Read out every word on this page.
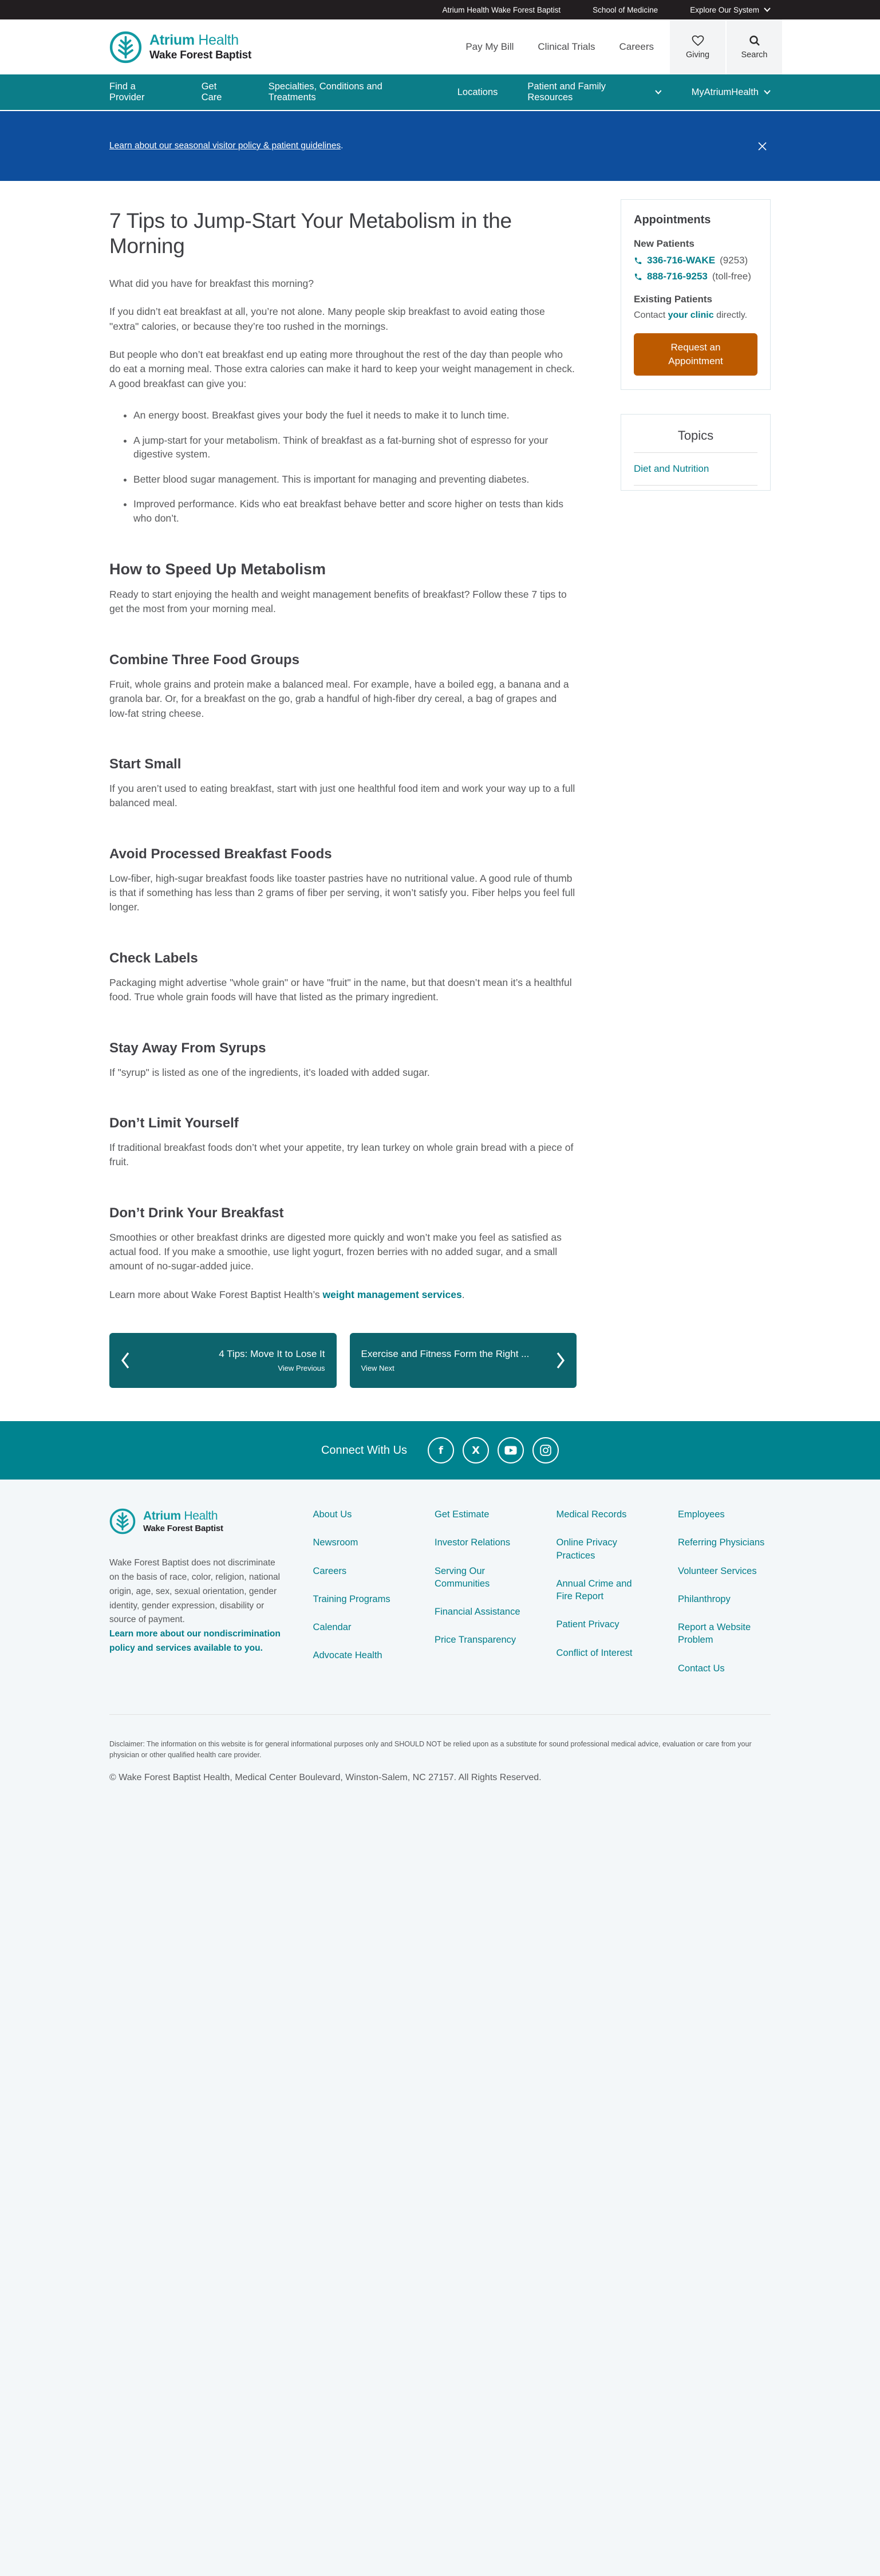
Atrium Health Wake Forest Baptist	School of Medicine	Explore Our System
Atrium Health
Wake Forest Baptist
Pay My Bill Clinical Trials Careers
Giving	Search
Find a Provider
Get Care
Specialties, Conditions and Treatments
Locations
Patient and Family Resources
MyAtriumHealth
Learn about our seasonal visitor policy & patient guidelines.
7 Tips to Jump-Start Your Metabolism in the Morning

What did you have for breakfast this morning?

If you didn’t eat breakfast at all, you’re not alone. Many people skip breakfast to avoid eating those "extra" calories, or because they’re too rushed in the mornings.

But people who don’t eat breakfast end up eating more throughout the rest of the day than people who do eat a morning meal. Those extra calories can make it hard to keep your weight management in check. A good breakfast can give you:

• An energy boost. Breakfast gives your body the fuel it needs to make it to lunch time.
• A jump-start for your metabolism. Think of breakfast as a fat-burning shot of espresso for your digestive system.
• Better blood sugar management. This is important for managing and preventing diabetes.
• Improved performance. Kids who eat breakfast behave better and score higher on tests than kids who don’t.
How to Speed Up Metabolism

Ready to start enjoying the health and weight management benefits of breakfast? Follow these 7 tips to get the most from your morning meal.

Combine Three Food Groups

Fruit, whole grains and protein make a balanced meal. For example, have a boiled egg, a banana and a granola bar. Or, for a breakfast on the go, grab a handful of high-fiber dry cereal, a bag of grapes and low-fat string cheese.

Start Small

If you aren’t used to eating breakfast, start with just one healthful food item and work your way up to a full balanced meal.

Avoid Processed Breakfast Foods

Low-fiber, high-sugar breakfast foods like toaster pastries have no nutritional value. A good rule of thumb is that if something has less than 2 grams of fiber per serving, it won’t satisfy you. Fiber helps you feel full longer.

Check Labels

Packaging might advertise "whole grain" or have "fruit" in the name, but that doesn’t mean it’s a healthful food. True whole grain foods will have that listed as the primary ingredient.

Stay Away From Syrups

If "syrup" is listed as one of the ingredients, it’s loaded with added sugar.

Don’t Limit Yourself

If traditional breakfast foods don’t whet your appetite, try lean turkey on whole grain bread with a piece of fruit.

Don’t Drink Your Breakfast

Smoothies or other breakfast drinks are digested more quickly and won’t make you feel as satisfied as actual food. If you make a smoothie, use light yogurt, frozen berries with no added sugar, and a small amount of no-sugar-added juice.

Learn more about Wake Forest Baptist Health’s weight management services.

4 Tips: Move It to Lose It
View Previous
Exercise and Fitness Form the Right ...
View Next
Appointments
New Patients
336-716-WAKE (9253)
888-716-9253 (toll-free)
Existing Patients
Contact your clinic directly.
Request an Appointment
Topics
Diet and Nutrition
Connect With Us	f	X
Atrium Health
Wake Forest Baptist

Wake Forest Baptist does not discriminate on the basis of race, color, religion, national origin, age, sex, sexual orientation, gender identity, gender expression, disability or source of payment.
Learn more about our nondiscrimination policy and services available to you.

About Us
Newsroom
Careers
Training Programs
Calendar
Advocate Health
Get Estimate
Investor Relations
Serving Our Communities
Financial Assistance
Price Transparency
Medical Records
Online Privacy Practices
Annual Crime and Fire Report
Patient Privacy
Conflict of Interest
Employees
Referring Physicians
Volunteer Services
Philanthropy
Report a Website Problem
Contact Us

Disclaimer: The information on this website is for general informational purposes only and SHOULD NOT be relied upon as a substitute for sound professional medical advice, evaluation or care from your physician or other qualified health care provider.

© Wake Forest Baptist Health, Medical Center Boulevard, Winston-Salem, NC 27157. All Rights Reserved.
